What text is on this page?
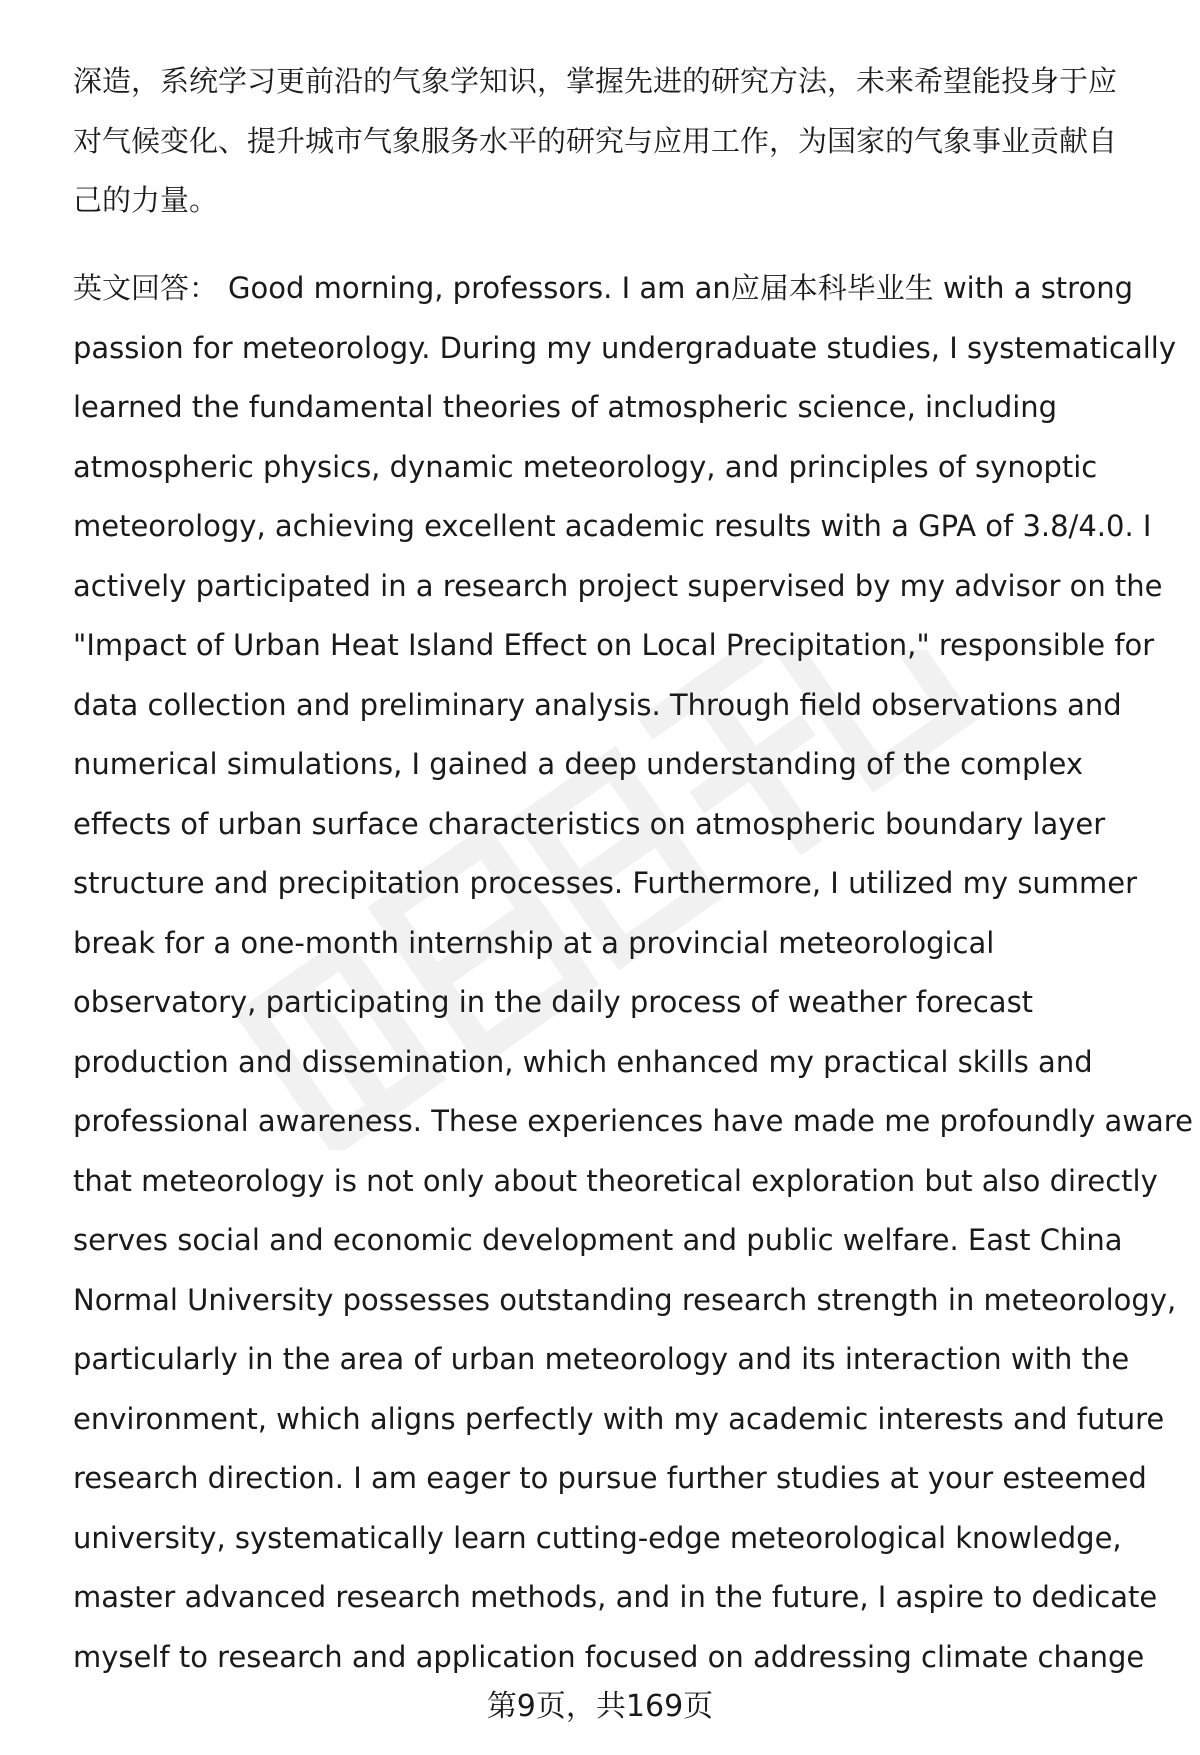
深造，系统学习更前沿的气象学知识，掌握先进的研究方法，未来希望能投身于应
对气候变化、提升城市气象服务水平的研究与应用工作，为国家的气象事业贡献自
己的力量。
英文回答： Good morning, professors. I am an应届本科毕业生 with a strong
passion for meteorology. During my undergraduate studies, I systematically
learned the fundamental theories of atmospheric science, including
atmospheric physics, dynamic meteorology, and principles of synoptic
meteorology, achieving excellent academic results with a GPA of 3.8/4.0. I
actively participated in a research project supervised by my advisor on the
"Impact of Urban Heat Island Effect on Local Precipitation," responsible for
data collection and preliminary analysis. Through field observations and
numerical simulations, I gained a deep understanding of the complex
effects of urban surface characteristics on atmospheric boundary layer
structure and precipitation processes. Furthermore, I utilized my summer
break for a one-month internship at a provincial meteorological
observatory, participating in the daily process of weather forecast
production and dissemination, which enhanced my practical skills and
professional awareness. These experiences have made me profoundly aware
that meteorology is not only about theoretical exploration but also directly
serves social and economic development and public welfare. East China
Normal University possesses outstanding research strength in meteorology,
particularly in the area of urban meteorology and its interaction with the
environment, which aligns perfectly with my academic interests and future
research direction. I am eager to pursue further studies at your esteemed
university, systematically learn cutting-edge meteorological knowledge,
master advanced research methods, and in the future, I aspire to dedicate
myself to research and application focused on addressing climate change
第9页，共169页
